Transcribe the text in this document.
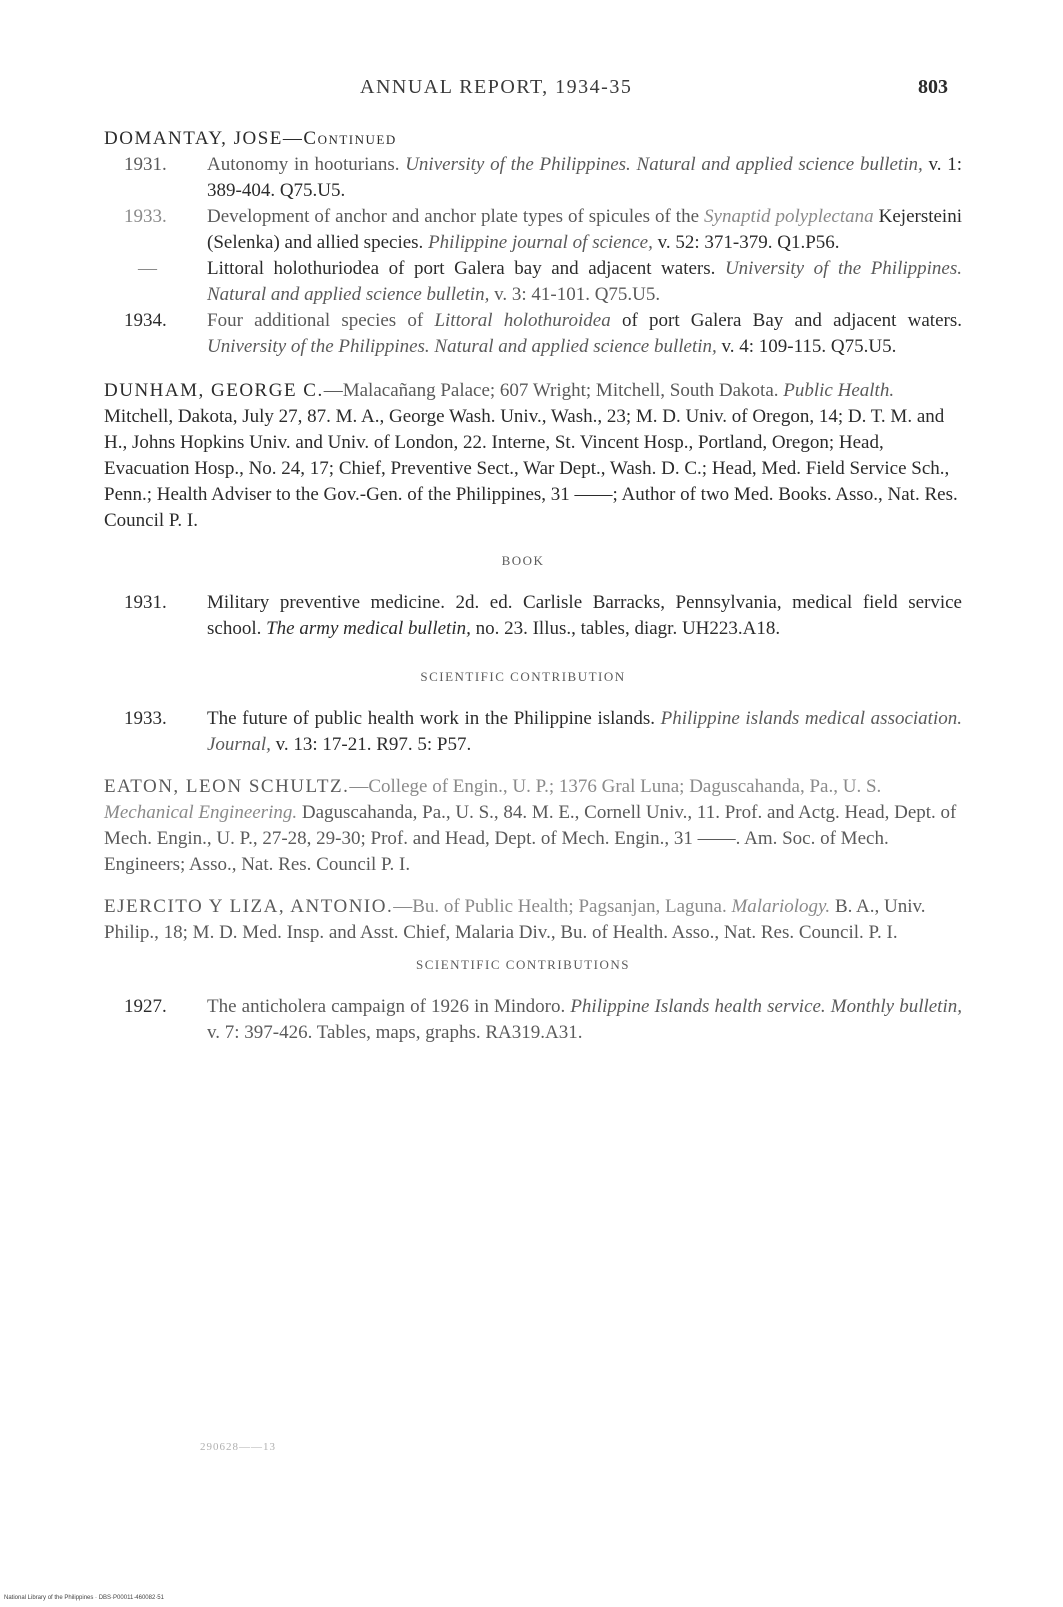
ANNUAL REPORT, 1934-35	803

DOMANTAY, JOSE—Continued

1931. Autonomy in hooturians. University of the Philippines. Natural and applied science bulletin, v. 1: 389-404. Q75.U5.
1933. Development of anchor and anchor plate types of spicules of the Synaptid polyplectana Kejersteini (Selenka) and allied species. Philippine journal of science, v. 52: 371-379. Q1.P56.
—	Littoral holothuriodea of port Galera bay and adjacent waters. University of the Philippines. Natural and applied science bulletin, v. 3: 41-101. Q75.U5.
1934. Four additional species of Littoral holothuroidea of port Galera Bay and adjacent waters. University of the Philippines. Natural and applied science bulletin, v. 4: 109-115. Q75.U5.

DUNHAM, GEORGE C.—Malacañang Palace; 607 Wright; Mitchell, South Dakota. Public Health. Mitchell, Dakota, July 27, 87. M. A., George Wash. Univ., Wash., 23; M. D. Univ. of Oregon, 14; D. T. M. and H., Johns Hopkins Univ. and Univ. of London, 22. Interne, St. Vincent Hosp., Portland, Oregon; Head, Evacuation Hosp., No. 24, 17; Chief, Preventive Sect., War Dept., Wash. D. C.; Head, Med. Field Service Sch., Penn.; Health Adviser to the Gov.-Gen. of the Philippines, 31 ——; Author of two Med. Books. Asso., Nat. Res. Council P. I.

BOOK
1931. Military preventive medicine. 2d. ed. Carlisle Barracks, Pennsylvania, medical field service school. The army medical bulletin, no. 23. Illus., tables, diagr. UH223.A18.
SCIENTIFIC CONTRIBUTION
1933. The future of public health work in the Philippine islands. Philippine islands medical association. Journal, v. 13: 17-21. R97. 5: P57.

EATON, LEON SCHULTZ.—College of Engin., U. P.; 1376 Gral Luna; Daguscahanda, Pa., U. S. Mechanical Engineering. Daguscahanda, Pa., U. S., 84. M. E., Cornell Univ., 11. Prof. and Actg. Head, Dept. of Mech. Engin., U. P., 27-28, 29-30; Prof. and Head, Dept. of Mech. Engin., 31 ——. Am. Soc. of Mech. Engineers; Asso., Nat. Res. Council P. I.

EJERCITO Y LIZA, ANTONIO.—Bu. of Public Health; Pagsanjan, Laguna. Malariology. B. A., Univ. Philip., 18; M. D. Med. Insp. and Asst. Chief, Malaria Div., Bu. of Health. Asso., Nat. Res. Council. P. I.

SCIENTIFIC CONTRIBUTIONS
1927. The anticholera campaign of 1926 in Mindoro. Philippine Islands health service. Monthly bulletin, v. 7: 397-426. Tables, maps, graphs. RA319.A31.
290628——13
National Library of the Philippines · DBS·P00011·460082·51
